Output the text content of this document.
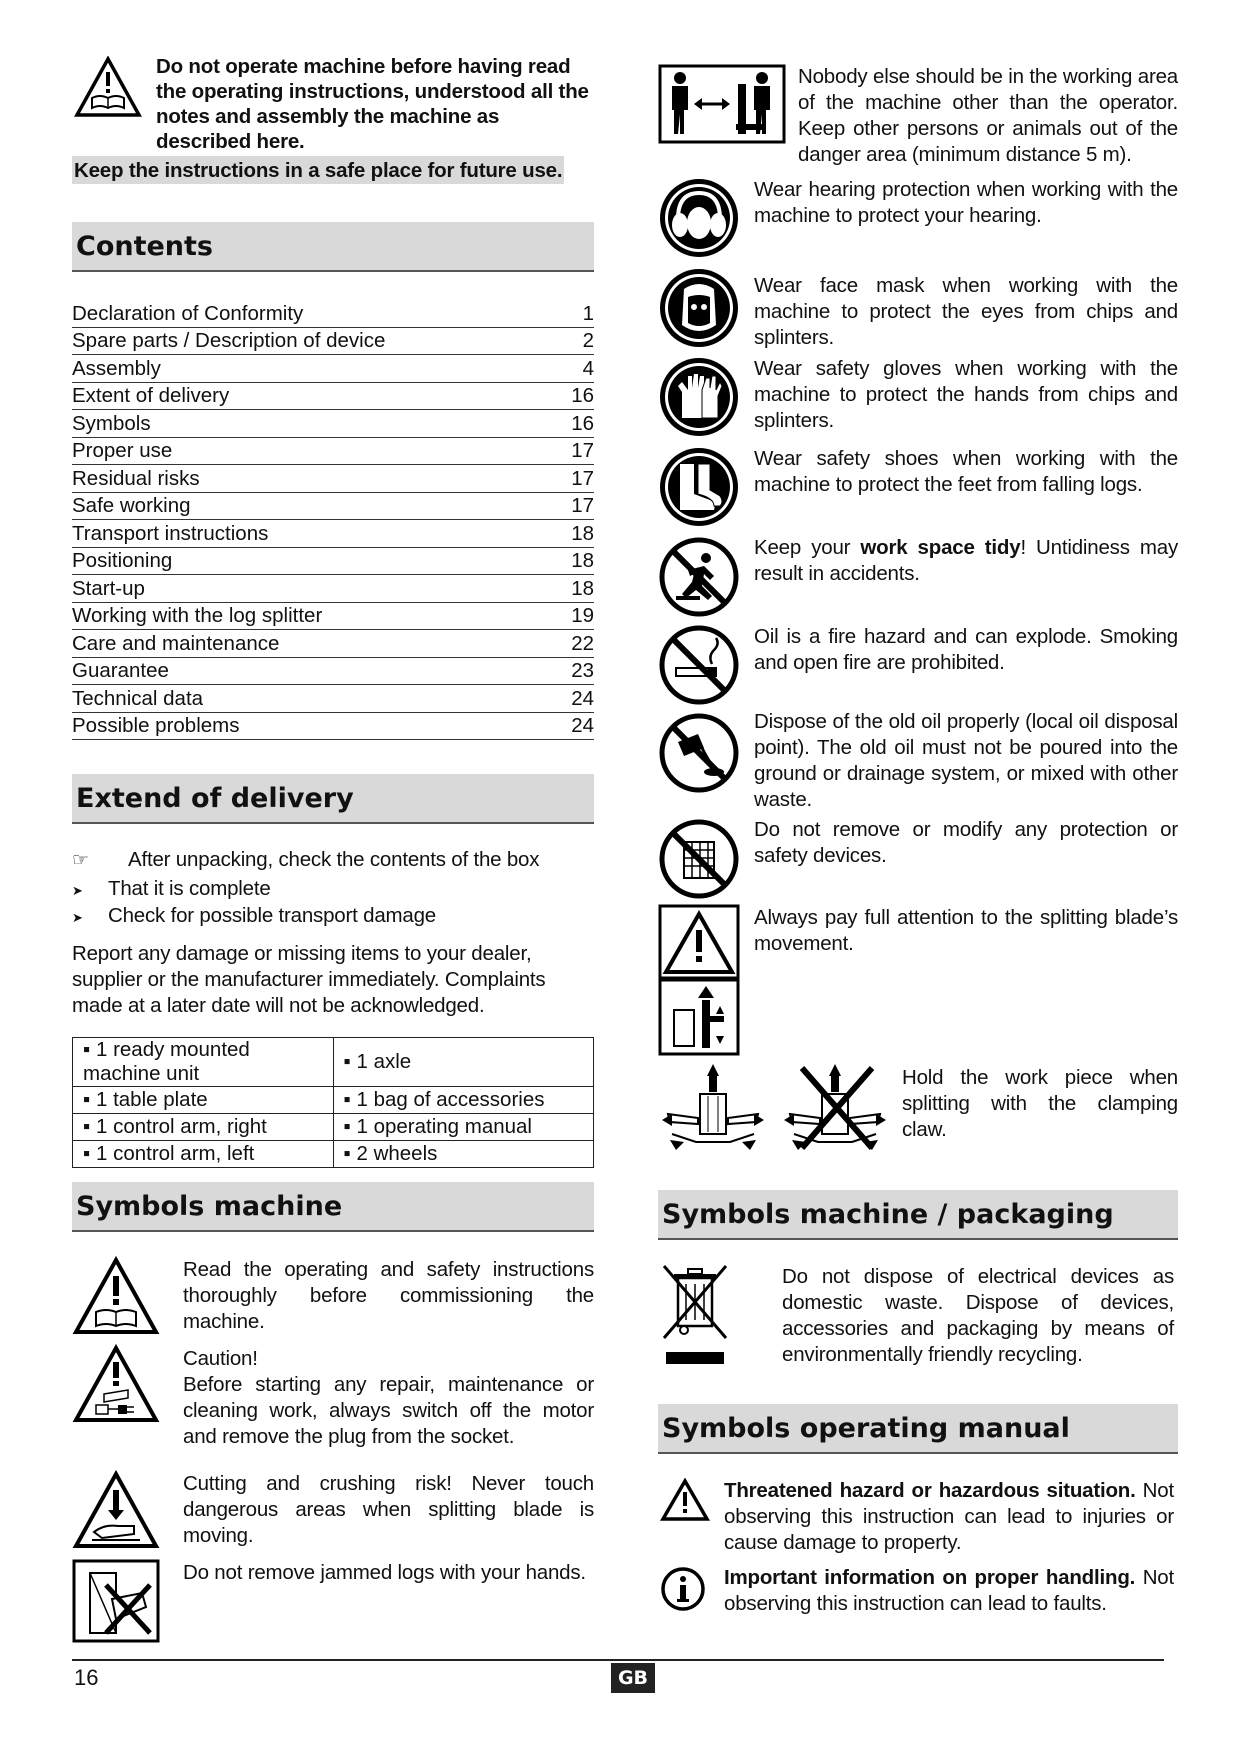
Do not operate machine before having read the operating instructions, understood all the notes and assembly the machine as described here.
Keep the instructions in a safe place for future use.
Contents
Declaration of Conformity	1
Spare parts / Description of device	2
Assembly	4
Extent of delivery	16
Symbols	16
Proper use	17
Residual risks	17
Safe working	17
Transport instructions	18
Positioning	18
Start-up	18
Working with the log splitter	19
Care and maintenance	22
Guarantee	23
Technical data	24
Possible problems	24
Extend of delivery
☞ After unpacking, check the contents of the box
➤ That it is complete
➤ Check for possible transport damage
Report any damage or missing items to your dealer, supplier or the manufacturer immediately. Complaints made at a later date will not be acknowledged.
▪ 1 ready mounted machine unit	▪ 1 axle
▪ 1 table plate	▪ 1 bag of accessories
▪ 1 control arm, right	▪ 1 operating manual
▪ 1 control arm, left	▪ 2 wheels
Symbols machine
Read the operating and safety instructions thoroughly before commissioning the machine.
Caution!
Before starting any repair, maintenance or cleaning work, always switch off the motor and remove the plug from the socket.
Cutting and crushing risk! Never touch dangerous areas when splitting blade is moving.
Do not remove jammed logs with your hands.
Nobody else should be in the working area of the machine other than the operator. Keep other persons or animals out of the danger area (minimum distance 5 m).
Wear hearing protection when working with the machine to protect your hearing.
Wear face mask when working with the machine to protect the eyes from chips and splinters.
Wear safety gloves when working with the machine to protect the hands from chips and splinters.
Wear safety shoes when working with the machine to protect the feet from falling logs.
Keep your work space tidy! Untidiness may result in accidents.
Oil is a fire hazard and can explode. Smoking and open fire are prohibited.
Dispose of the old oil properly (local oil disposal point). The old oil must not be poured into the ground or drainage system, or mixed with other waste.
Do not remove or modify any protection or safety devices.
Always pay full attention to the splitting blade’s movement.
Hold the work piece when splitting with the clamping claw.
Symbols machine / packaging
Do not dispose of electrical devices as domestic waste. Dispose of devices, accessories and packaging by means of environmentally friendly recycling.
Symbols operating manual
Threatened hazard or hazardous situation. Not observing this instruction can lead to injuries or cause damage to property.
Important information on proper handling. Not observing this instruction can lead to faults.
16	GB
